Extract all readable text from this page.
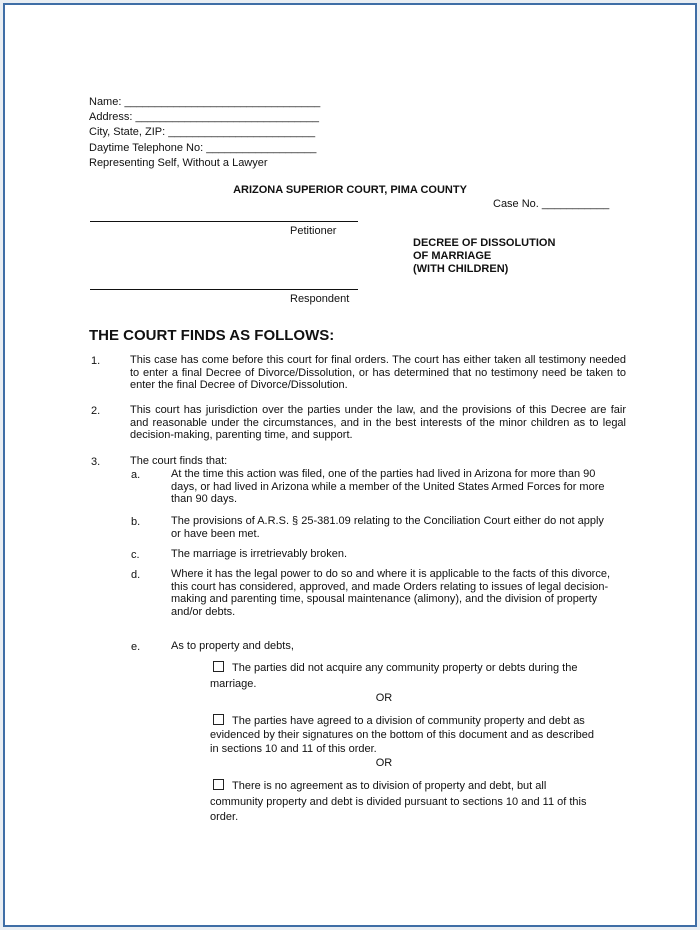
Name: ________________________________
Address: ______________________________
City, State, ZIP: ________________________
Daytime Telephone No: __________________
Representing Self, Without a Lawyer
ARIZONA SUPERIOR COURT, PIMA COUNTY
Case No. ___________
Petitioner
DECREE OF DISSOLUTION
OF MARRIAGE
(WITH CHILDREN)
Respondent
THE COURT FINDS AS FOLLOWS:
1.	This case has come before this court for final orders. The court has either taken all testimony needed to enter a final Decree of Divorce/Dissolution, or has determined that no testimony need be taken to enter the final Decree of Divorce/Dissolution.
2.	This court has jurisdiction over the parties under the law, and the provisions of this Decree are fair and reasonable under the circumstances, and in the best interests of the minor children as to legal decision-making, parenting time, and support.
3.	The court finds that:
a.	At the time this action was filed, one of the parties had lived in Arizona for more than 90 days, or had lived in Arizona while a member of the United States Armed Forces for more than 90 days.
b.	The provisions of A.R.S. § 25-381.09 relating to the Conciliation Court either do not apply or have been met.
c.	The marriage is irretrievably broken.
d.	Where it has the legal power to do so and where it is applicable to the facts of this divorce, this court has considered, approved, and made Orders relating to issues of legal decision-making and parenting time, spousal maintenance (alimony), and the division of property and/or debts.
e.	As to property and debts,
The parties did not acquire any community property or debts during the marriage.
OR
The parties have agreed to a division of community property and debt as evidenced by their signatures on the bottom of this document and as described in sections 10 and 11 of this order.
OR
There is no agreement as to division of property and debt, but all community property and debt is divided pursuant to sections 10 and 11 of this order.
